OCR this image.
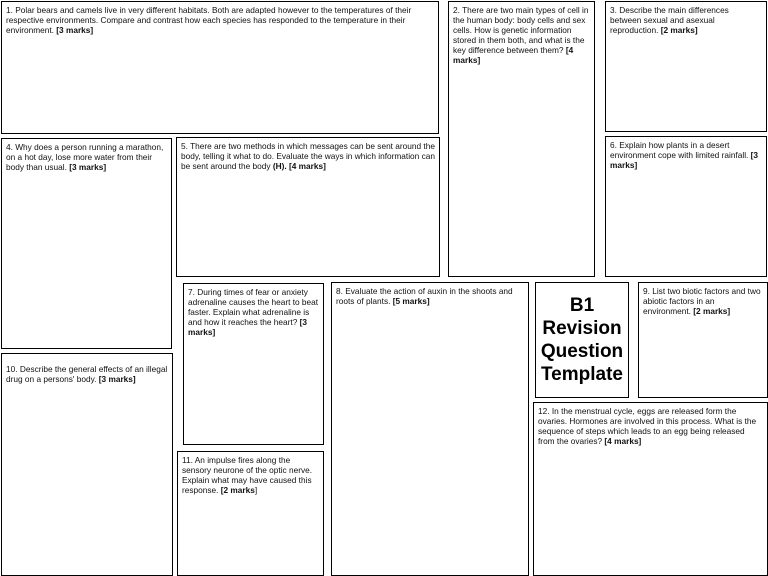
1. Polar bears and camels live in very different habitats. Both are adapted however to the temperatures of their respective environments. Compare and contrast how each species has responded to the temperature in their environment. [3 marks]

2. There are two main types of cell in the human body: body cells and sex cells. How is genetic information stored in them both, and what is the key difference between them? [4 marks]

3. Describe the main differences between sexual and asexual reproduction. [2 marks]

4. Why does a person running a marathon, on a hot day, lose more water from their body than usual. [3 marks]

5. There are two methods in which messages can be sent around the body, telling it what to do. Evaluate the ways in which information can be sent around the body (H). [4 marks]

6. Explain how plants in a desert environment cope with limited rainfall. [3 marks]

7. During times of fear or anxiety adrenaline causes the heart to beat faster. Explain what adrenaline is and how it reaches the heart? [3 marks]

8. Evaluate the action of auxin in the shoots and roots of plants. [5 marks]	B1
Revision
Question
Template

9. List two biotic factors and two abiotic factors in an environment. [2 marks]

10. Describe the general effects of an illegal drug on a persons' body. [3 marks]

11. An impulse fires along the sensory neurone of the optic nerve. Explain what may have caused this response. [2 marks]

12. In the menstrual cycle, eggs are released form the ovaries. Hormones are involved in this process. What is the sequence of steps which leads to an egg being released from the ovaries? [4 marks]
